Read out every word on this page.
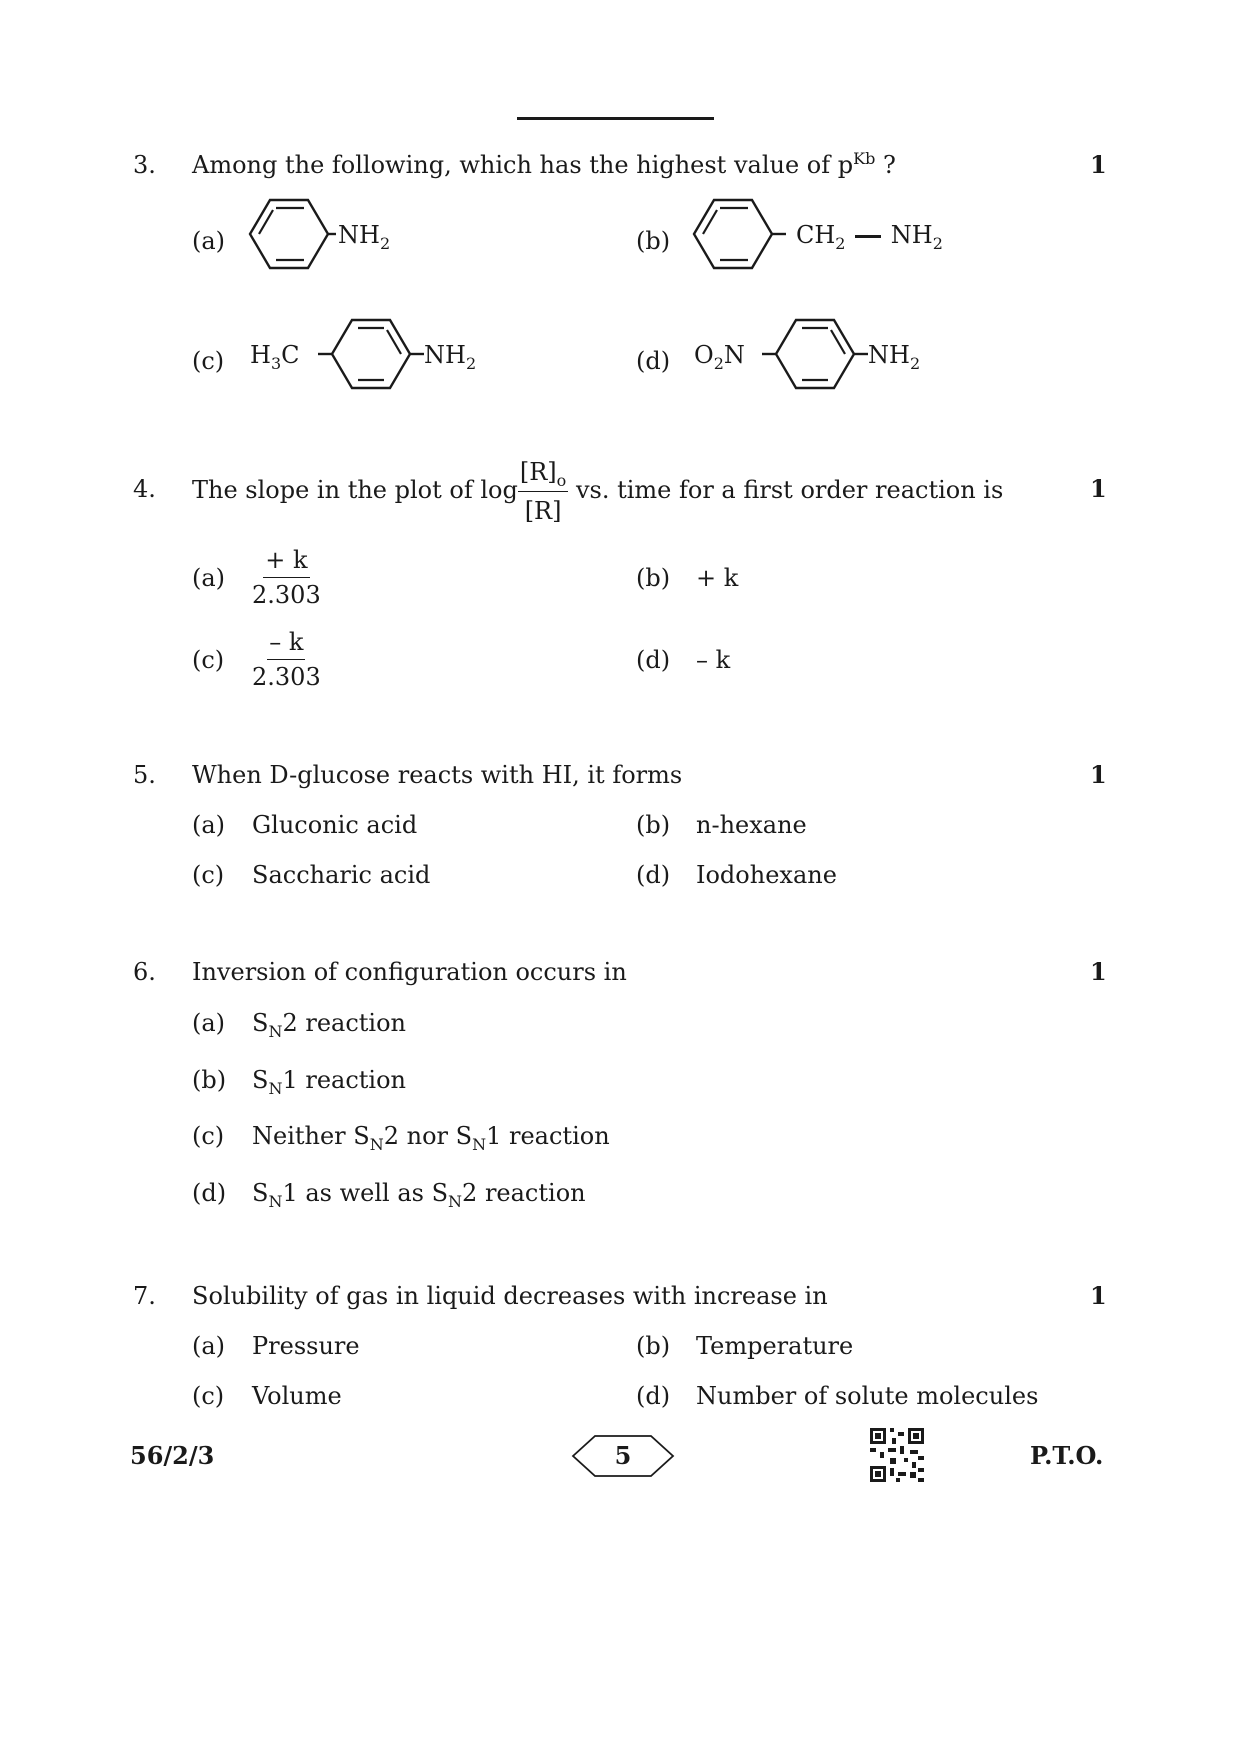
3. Among the following, which has the highest value of $p^{Kb}$ ?	1
(a)	$NH_2$	(b)	$CH_2$ $NH_2$
(c) $H_3C$	$NH_2$	(d) $O_2N$	$NH_2$
4. The slope in the plot of $\log \frac{[R]_o}{[R]}$ vs. time for a first order reaction is	1
$(a) \frac{+ k}{2.303}$	(b) + k
$(c) \frac{- k}{2.303}$	(d) – k
5. When D-glucose reacts with HI, it forms	1
(a) Gluconic acid	(b) n-hexane
(c) Saccharic acid	(d) Iodohexane
6. Inversion of configuration occurs in	1
(a) $S_N2$ reaction
(b) $S_N1$ reaction
(c) Neither $S_N2$ nor $S_N1$ reaction
(d) $S_N1$ as well as $S_N2$ reaction
7. Solubility of gas in liquid decreases with increase in	1
(a) Pressure	(b) Temperature
(c) Volume	(d) Number of solute molecules
56/2/3	5	P.T.O.
